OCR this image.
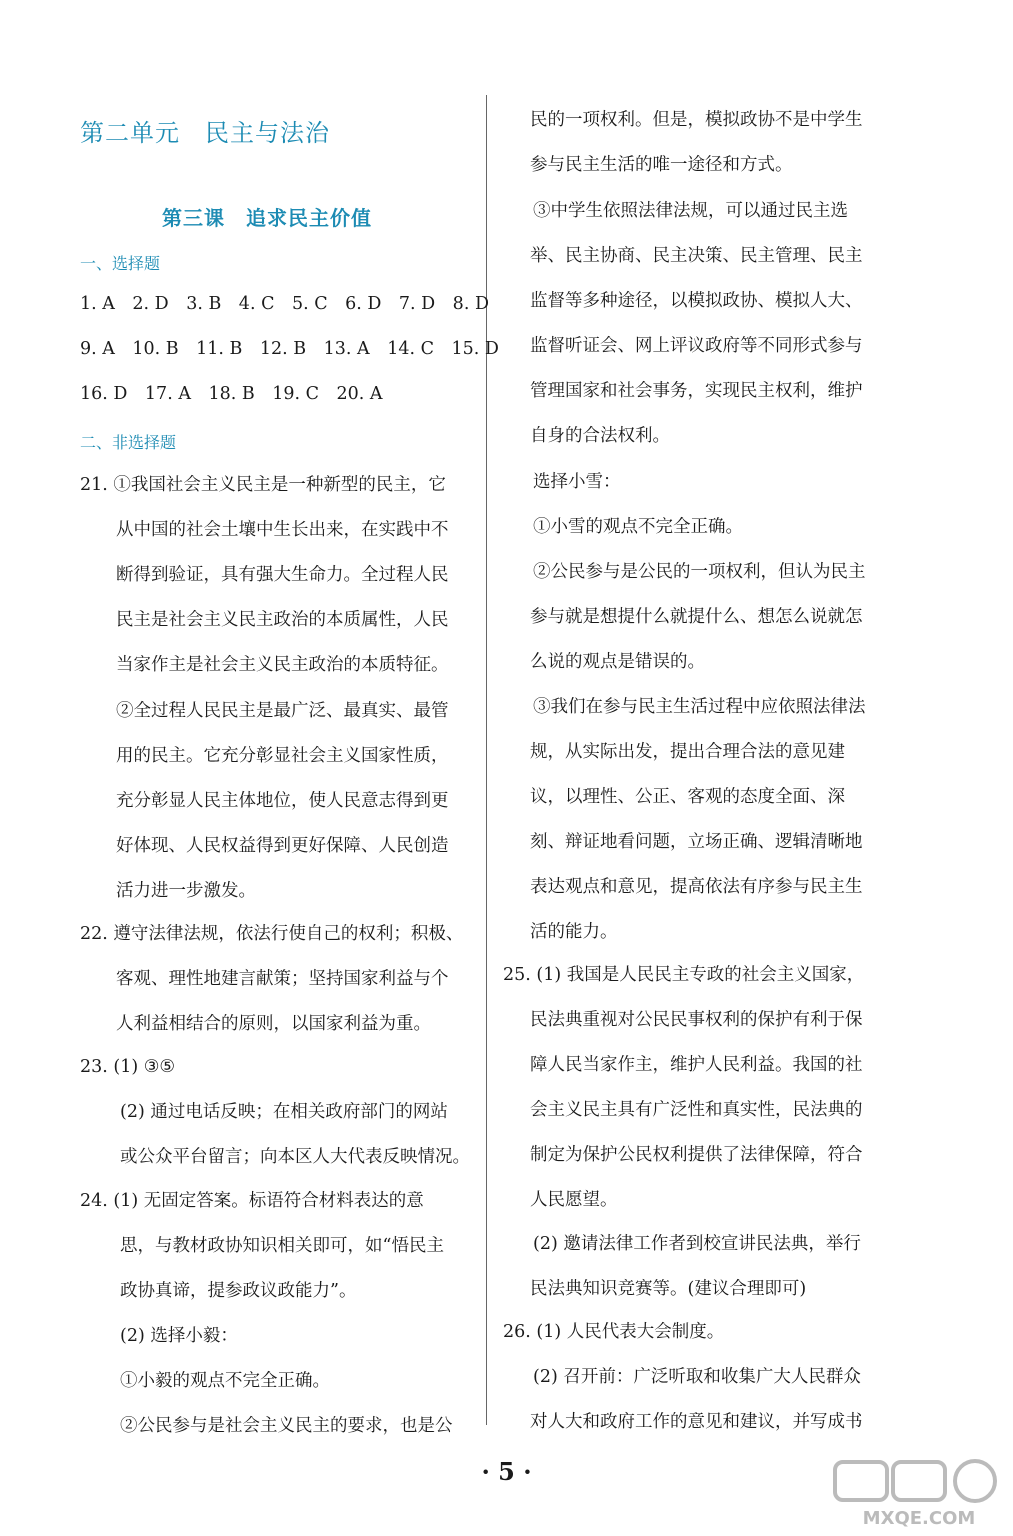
第二单元　民主与法治
第三课　追求民主价值
一、选择题
二、非选择题
1. A　2. D　3. B　4. C　5. C　6. D　7. D　8. D
9. A　10. B　11. B　12. B　13. A　14. C　15. D
16. D　17. A　18. B　19. C　20. A
21. ①我国社会主义民主是一种新型的民主，它
从中国的社会土壤中生长出来，在实践中不
断得到验证，具有强大生命力。全过程人民
民主是社会主义民主政治的本质属性，人民
当家作主是社会主义民主政治的本质特征。
②全过程人民民主是最广泛、最真实、最管
用的民主。它充分彰显社会主义国家性质，
充分彰显人民主体地位，使人民意志得到更
好体现、人民权益得到更好保障、人民创造
活力进一步激发。
22. 遵守法律法规，依法行使自己的权利；积极、
客观、理性地建言献策；坚持国家利益与个
人利益相结合的原则，以国家利益为重。
23. (1) ③⑤
(2) 通过电话反映；在相关政府部门的网站
或公众平台留言；向本区人大代表反映情况。
24. (1) 无固定答案。标语符合材料表达的意
思，与教材政协知识相关即可，如“悟民主
政协真谛，提参政议政能力”。
(2) 选择小毅：
①小毅的观点不完全正确。
②公民参与是社会主义民主的要求，也是公
民的一项权利。但是，模拟政协不是中学生
参与民主生活的唯一途径和方式。
③中学生依照法律法规，可以通过民主选
举、民主协商、民主决策、民主管理、民主
监督等多种途径，以模拟政协、模拟人大、
监督听证会、网上评议政府等不同形式参与
管理国家和社会事务，实现民主权利，维护
自身的合法权利。
选择小雪：
①小雪的观点不完全正确。
②公民参与是公民的一项权利，但认为民主
参与就是想提什么就提什么、想怎么说就怎
么说的观点是错误的。
③我们在参与民主生活过程中应依照法律法
规，从实际出发，提出合理合法的意见建
议，以理性、公正、客观的态度全面、深
刻、辩证地看问题，立场正确、逻辑清晰地
表达观点和意见，提高依法有序参与民主生
活的能力。
25. (1) 我国是人民民主专政的社会主义国家，
民法典重视对公民民事权利的保护有利于保
障人民当家作主，维护人民利益。我国的社
会主义民主具有广泛性和真实性，民法典的
制定为保护公民权利提供了法律保障，符合
人民愿望。
(2) 邀请法律工作者到校宣讲民法典，举行
民法典知识竞赛等。(建议合理即可)
26. (1) 人民代表大会制度。
(2) 召开前：广泛听取和收集广大人民群众
对人大和政府工作的意见和建议，并写成书
· 5 ·
MXQE.COM
